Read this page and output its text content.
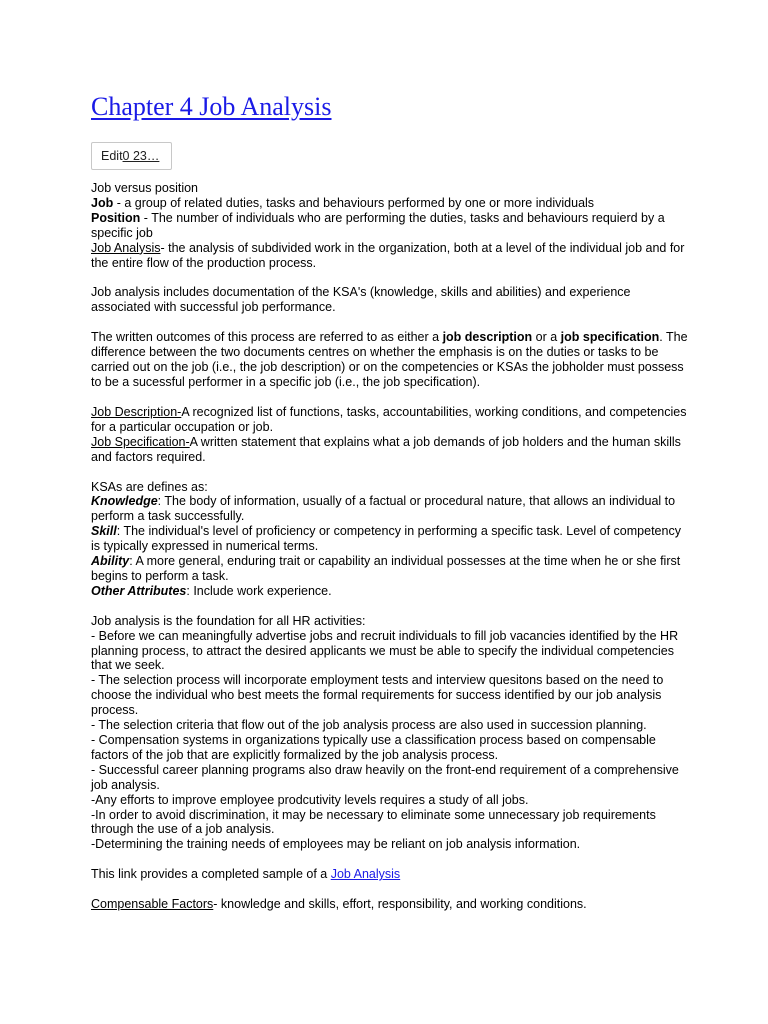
Chapter 4 Job Analysis
Edit0 23…

Job versus position

Job - a group of related duties, tasks and behaviours performed by one or more individuals

Position - The number of individuals who are performing the duties, tasks and behaviours requierd by a specific job

Job Analysis- the analysis of subdivided work in the organization, both at a level of the individual job and for the entire flow of the production process.

Job analysis includes documentation of the KSA's (knowledge, skills and abilities) and experience associated with successful job performance.

The written outcomes of this process are referred to as either a job description or a job specification. The difference between the two documents centres on whether the emphasis is on the duties or tasks to be carried out on the job (i.e., the job description) or on the competencies or KSAs the jobholder must possess to be a sucessful performer in a specific job (i.e., the job specification).

Job Description-A recognized list of functions, tasks, accountabilities, working conditions, and competencies for a particular occupation or job.

Job Specification-A written statement that explains what a job demands of job holders and the human skills and factors required.

KSAs are defines as:

Knowledge: The body of information, usually of a factual or procedural nature, that allows an individual to perform a task successfully.

Skill: The individual's level of proficiency or competency in performing a specific task. Level of competency is typically expressed in numerical terms.

Ability: A more general, enduring trait or capability an individual possesses at the time when he or she first begins to perform a task.

Other Attributes: Include work experience.

Job analysis is the foundation for all HR activities:

- Before we can meaningfully advertise jobs and recruit individuals to fill job vacancies identified by the HR planning process, to attract the desired applicants we must be able to specify the individual competencies that we seek.

- The selection process will incorporate employment tests and interview quesitons based on the need to choose the individual who best meets the formal requirements for success identified by our job analysis process.

- The selection criteria that flow out of the job analysis process are also used in succession planning.

- Compensation systems in organizations typically use a classification process based on compensable factors of the job that are explicitly formalized by the job analysis process.

- Successful career planning programs also draw heavily on the front-end requirement of a comprehensive job analysis.

-Any efforts to improve employee prodcutivity levels requires a study of all jobs.

-In order to avoid discrimination, it may be necessary to eliminate some unnecessary job requirements through the use of a job analysis.

-Determining the training needs of employees may be reliant on job analysis information.

This link provides a completed sample of a Job Analysis

Compensable Factors- knowledge and skills, effort, responsibility, and working conditions.
